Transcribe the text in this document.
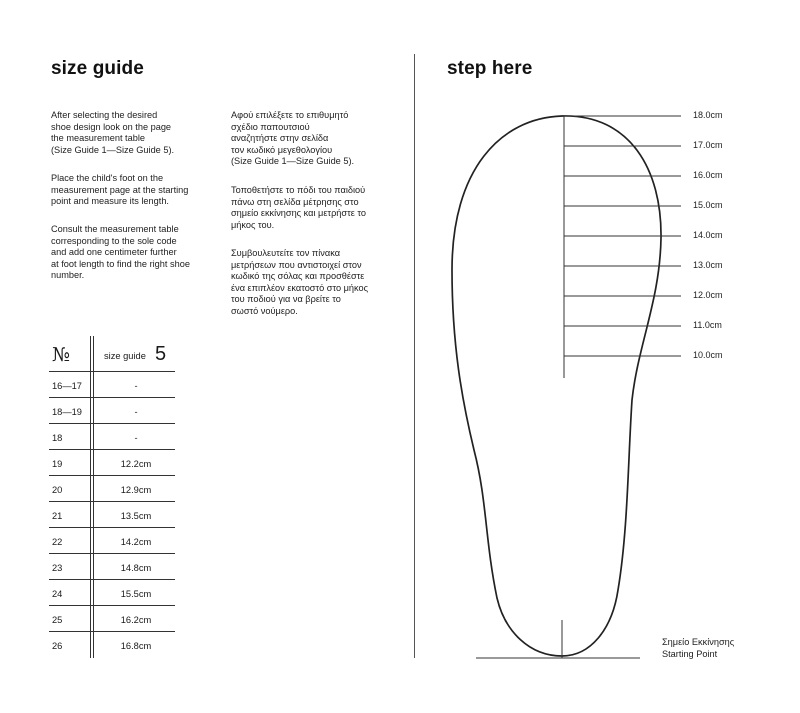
size guide
After selecting the desired
shoe design look on the page
the measurement table
(Size Guide 1—Size Guide 5).
Place the child's foot on the
measurement page at the starting
point and measure its length.
Consult the measurement table
corresponding to the sole code
and add one centimeter further
at foot length to find the right shoe
number.
Αφού επιλέξετε το επιθυμητό
σχέδιο παπουτσιού
αναζητήστε στην σελίδα
τον κωδικό μεγεθολογίου
(Size Guide 1—Size Guide 5).
Τοποθετήστε το πόδι του παιδιού
πάνω στη σελίδα μέτρησης στο
σημείο εκκίνησης και μετρήστε το
μήκος του.
Συμβουλευτείτε τον πίνακα
μετρήσεων που αντιστοιχεί στον
κωδικό της σόλας και προσθέστε
ένα επιπλέον εκατοστό στο μήκος
του ποδιού για να βρείτε το
σωστό νούμερο.
№	size guide 5
16—17	-
18—19	-
18	-
19	12.2cm
20	12.9cm
21	13.5cm
22	14.2cm
23	14.8cm
24	15.5cm
25	16.2cm
26	16.8cm
step here
18.0cm
17.0cm
16.0cm
15.0cm
14.0cm
13.0cm
12.0cm
11.0cm
10.0cm
Σημείο Εκκίνησης
Starting Point
